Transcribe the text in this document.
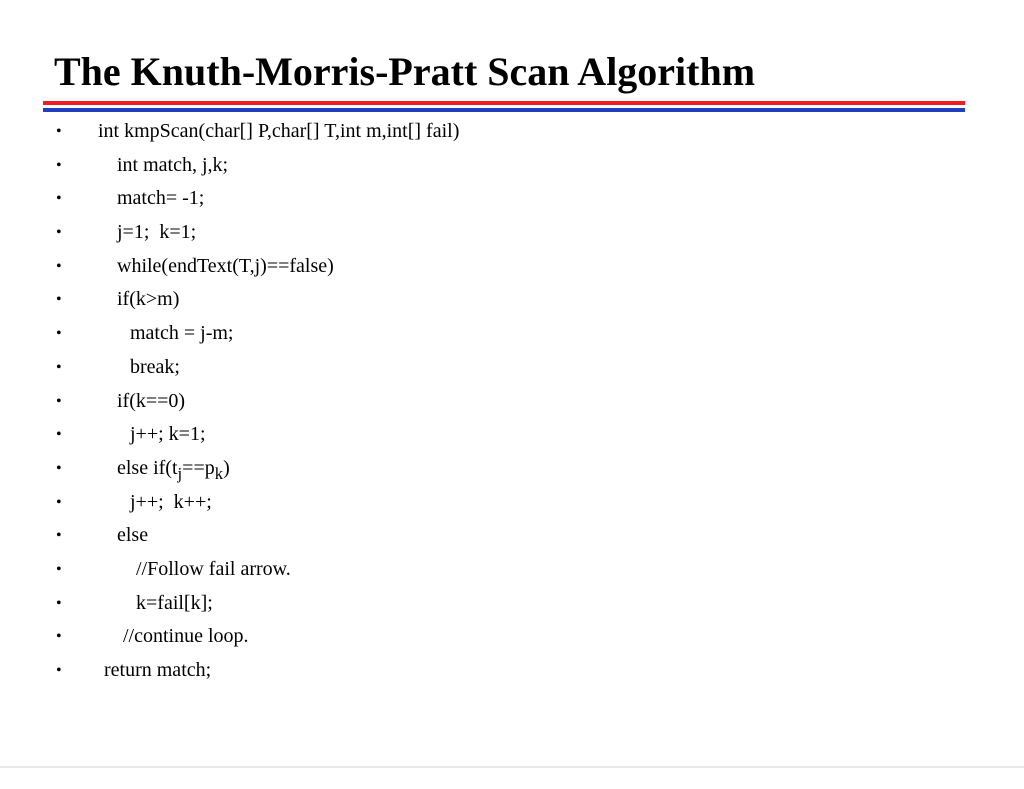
The Knuth-Morris-Pratt Scan Algorithm

•

int kmpScan(char[] P,char[] T,int m,int[] fail)

•

	int match, j,k;

•

	match= -1;

•

	j=1;  k=1;

•

	while(endText(T,j)==false)

•

	if(k>m)

•

	match = j-m;

•

	break;

•

	if(k==0)

•

	j++; k=1;

•

	else $if(t_j==p_k)$

•

	j++;  k++;

•

	else

•

	//Follow fail arrow.

•

	k=fail[k];

•

	//continue loop.

•

return match;
